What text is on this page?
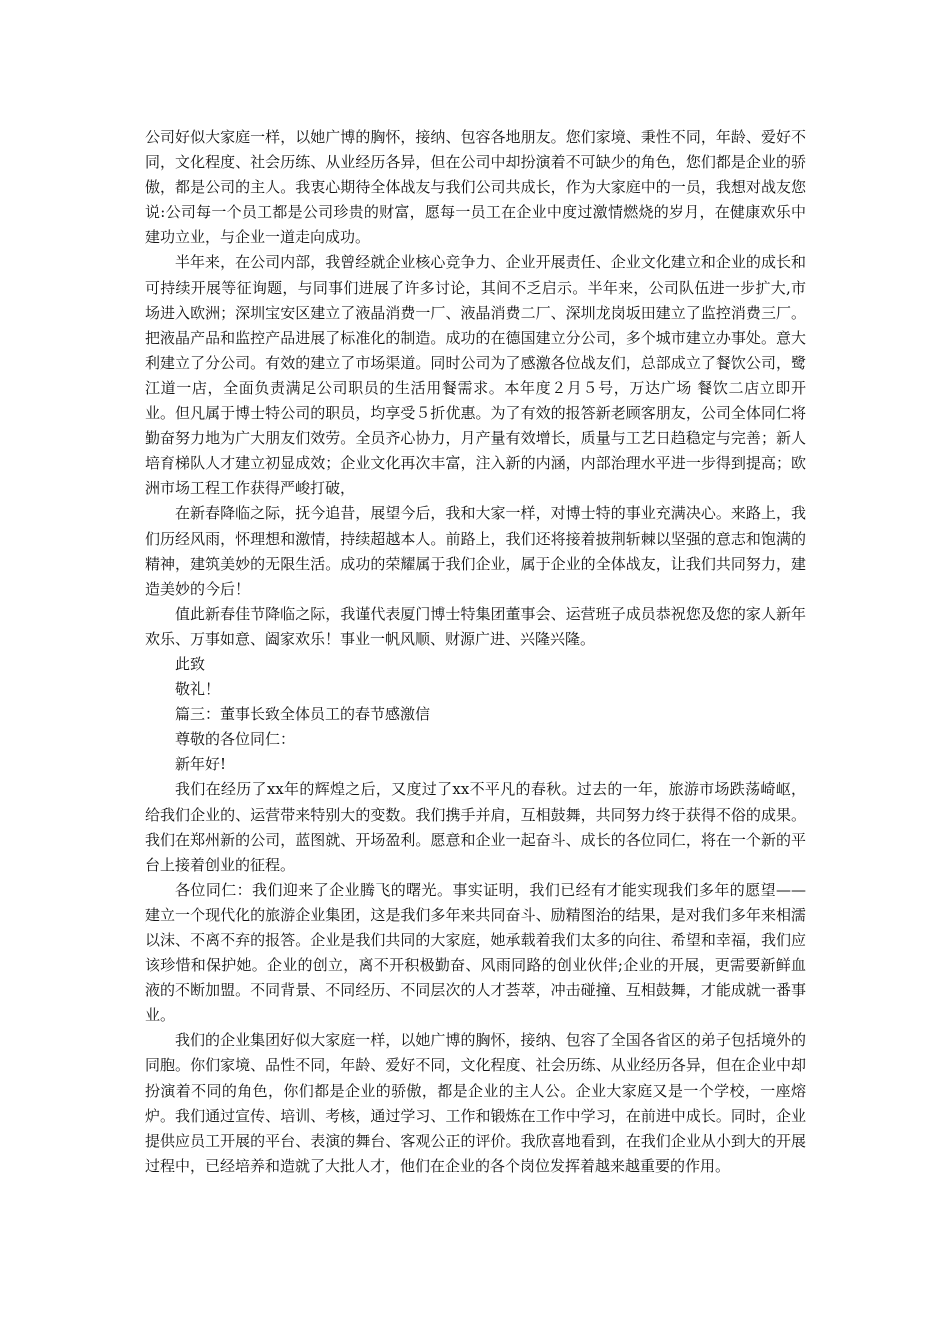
公司好似大家庭一样，以她广博的胸怀，接纳、包容各地朋友。您们家境、秉性不同，年龄、爱好不同，文化程度、社会历练、从业经历各异，但在公司中却扮演着不可缺少的角色，您们都是企业的骄傲，都是公司的主人。我衷心期待全体战友与我们公司共成长，作为大家庭中的一员，我想对战友您说:公司每一个员工都是公司珍贵的财富，愿每一员工在企业中度过激情燃烧的岁月，在健康欢乐中建功立业，与企业一道走向成功。

半年来，在公司内部，我曾经就企业核心竞争力、企业开展责任、企业文化建立和企业的成长和可持续开展等征询题，与同事们进展了许多讨论，其间不乏启示。半年来，公司队伍进一步扩大,市场进入欧洲；深圳宝安区建立了液晶消费一厂、液晶消费二厂、深圳龙岗坂田建立了监控消费三厂。把液晶产品和监控产品进展了标准化的制造。成功的在德国建立分公司，多个城市建立办事处。意大利建立了分公司。有效的建立了市场渠道。同时公司为了感激各位战友们，总部成立了餐饮公司，鹭江道一店，全面负责满足公司职员的生活用餐需求。本年度２月５号，万达广场 餐饮二店立即开业。但凡属于博士特公司的职员，均享受５折优惠。为了有效的报答新老顾客朋友，公司全体同仁将勤奋努力地为广大朋友们效劳。全员齐心协力，月产量有效增长，质量与工艺日趋稳定与完善；新人培育梯队人才建立初显成效；企业文化再次丰富，注入新的内涵，内部治理水平进一步得到提高；欧洲市场工程工作获得严峻打破，

在新春降临之际，抚今追昔，展望今后，我和大家一样，对博士特的事业充满决心。来路上，我们历经风雨，怀理想和激情，持续超越本人。前路上，我们还将接着披荆斩棘以坚强的意志和饱满的精神，建筑美妙的无限生活。成功的荣耀属于我们企业，属于企业的全体战友，让我们共同努力，建造美妙的今后！

值此新春佳节降临之际，我谨代表厦门博士特集团董事会、运营班子成员恭祝您及您的家人新年欢乐、万事如意、阖家欢乐！事业一帆风顺、财源广进、兴隆兴隆。

此致

敬礼！

篇三：董事长致全体员工的春节感激信

尊敬的各位同仁：

新年好!

我们在经历了xx年的辉煌之后，又度过了xx不平凡的春秋。过去的一年，旅游市场跌荡崎岖，给我们企业的、运营带来特别大的变数。我们携手并肩，互相鼓舞，共同努力终于获得不俗的成果。我们在郑州新的公司，蓝图就、开场盈利。愿意和企业一起奋斗、成长的各位同仁，将在一个新的平台上接着创业的征程。

各位同仁：我们迎来了企业腾飞的曙光。事实证明，我们已经有才能实现我们多年的愿望—— 建立一个现代化的旅游企业集团，这是我们多年来共同奋斗、励精图治的结果，是对我们多年来相濡以沫、不离不弃的报答。企业是我们共同的大家庭，她承载着我们太多的向往、希望和幸福，我们应该珍惜和保护她。企业的创立，离不开积极勤奋、风雨同路的创业伙伴;企业的开展，更需要新鲜血液的不断加盟。不同背景、不同经历、不同层次的人才荟萃，冲击碰撞、互相鼓舞，才能成就一番事业。

我们的企业集团好似大家庭一样，以她广博的胸怀，接纳、包容了全国各省区的弟子包括境外的同胞。你们家境、品性不同，年龄、爱好不同，文化程度、社会历练、从业经历各异，但在企业中却扮演着不同的角色，你们都是企业的骄傲，都是企业的主人公。企业大家庭又是一个学校，一座熔炉。我们通过宣传、培训、考核，通过学习、工作和锻炼在工作中学习，在前进中成长。同时，企业提供应员工开展的平台、表演的舞台、客观公正的评价。我欣喜地看到，在我们企业从小到大的开展过程中，已经培养和造就了大批人才，他们在企业的各个岗位发挥着越来越重要的作用。
